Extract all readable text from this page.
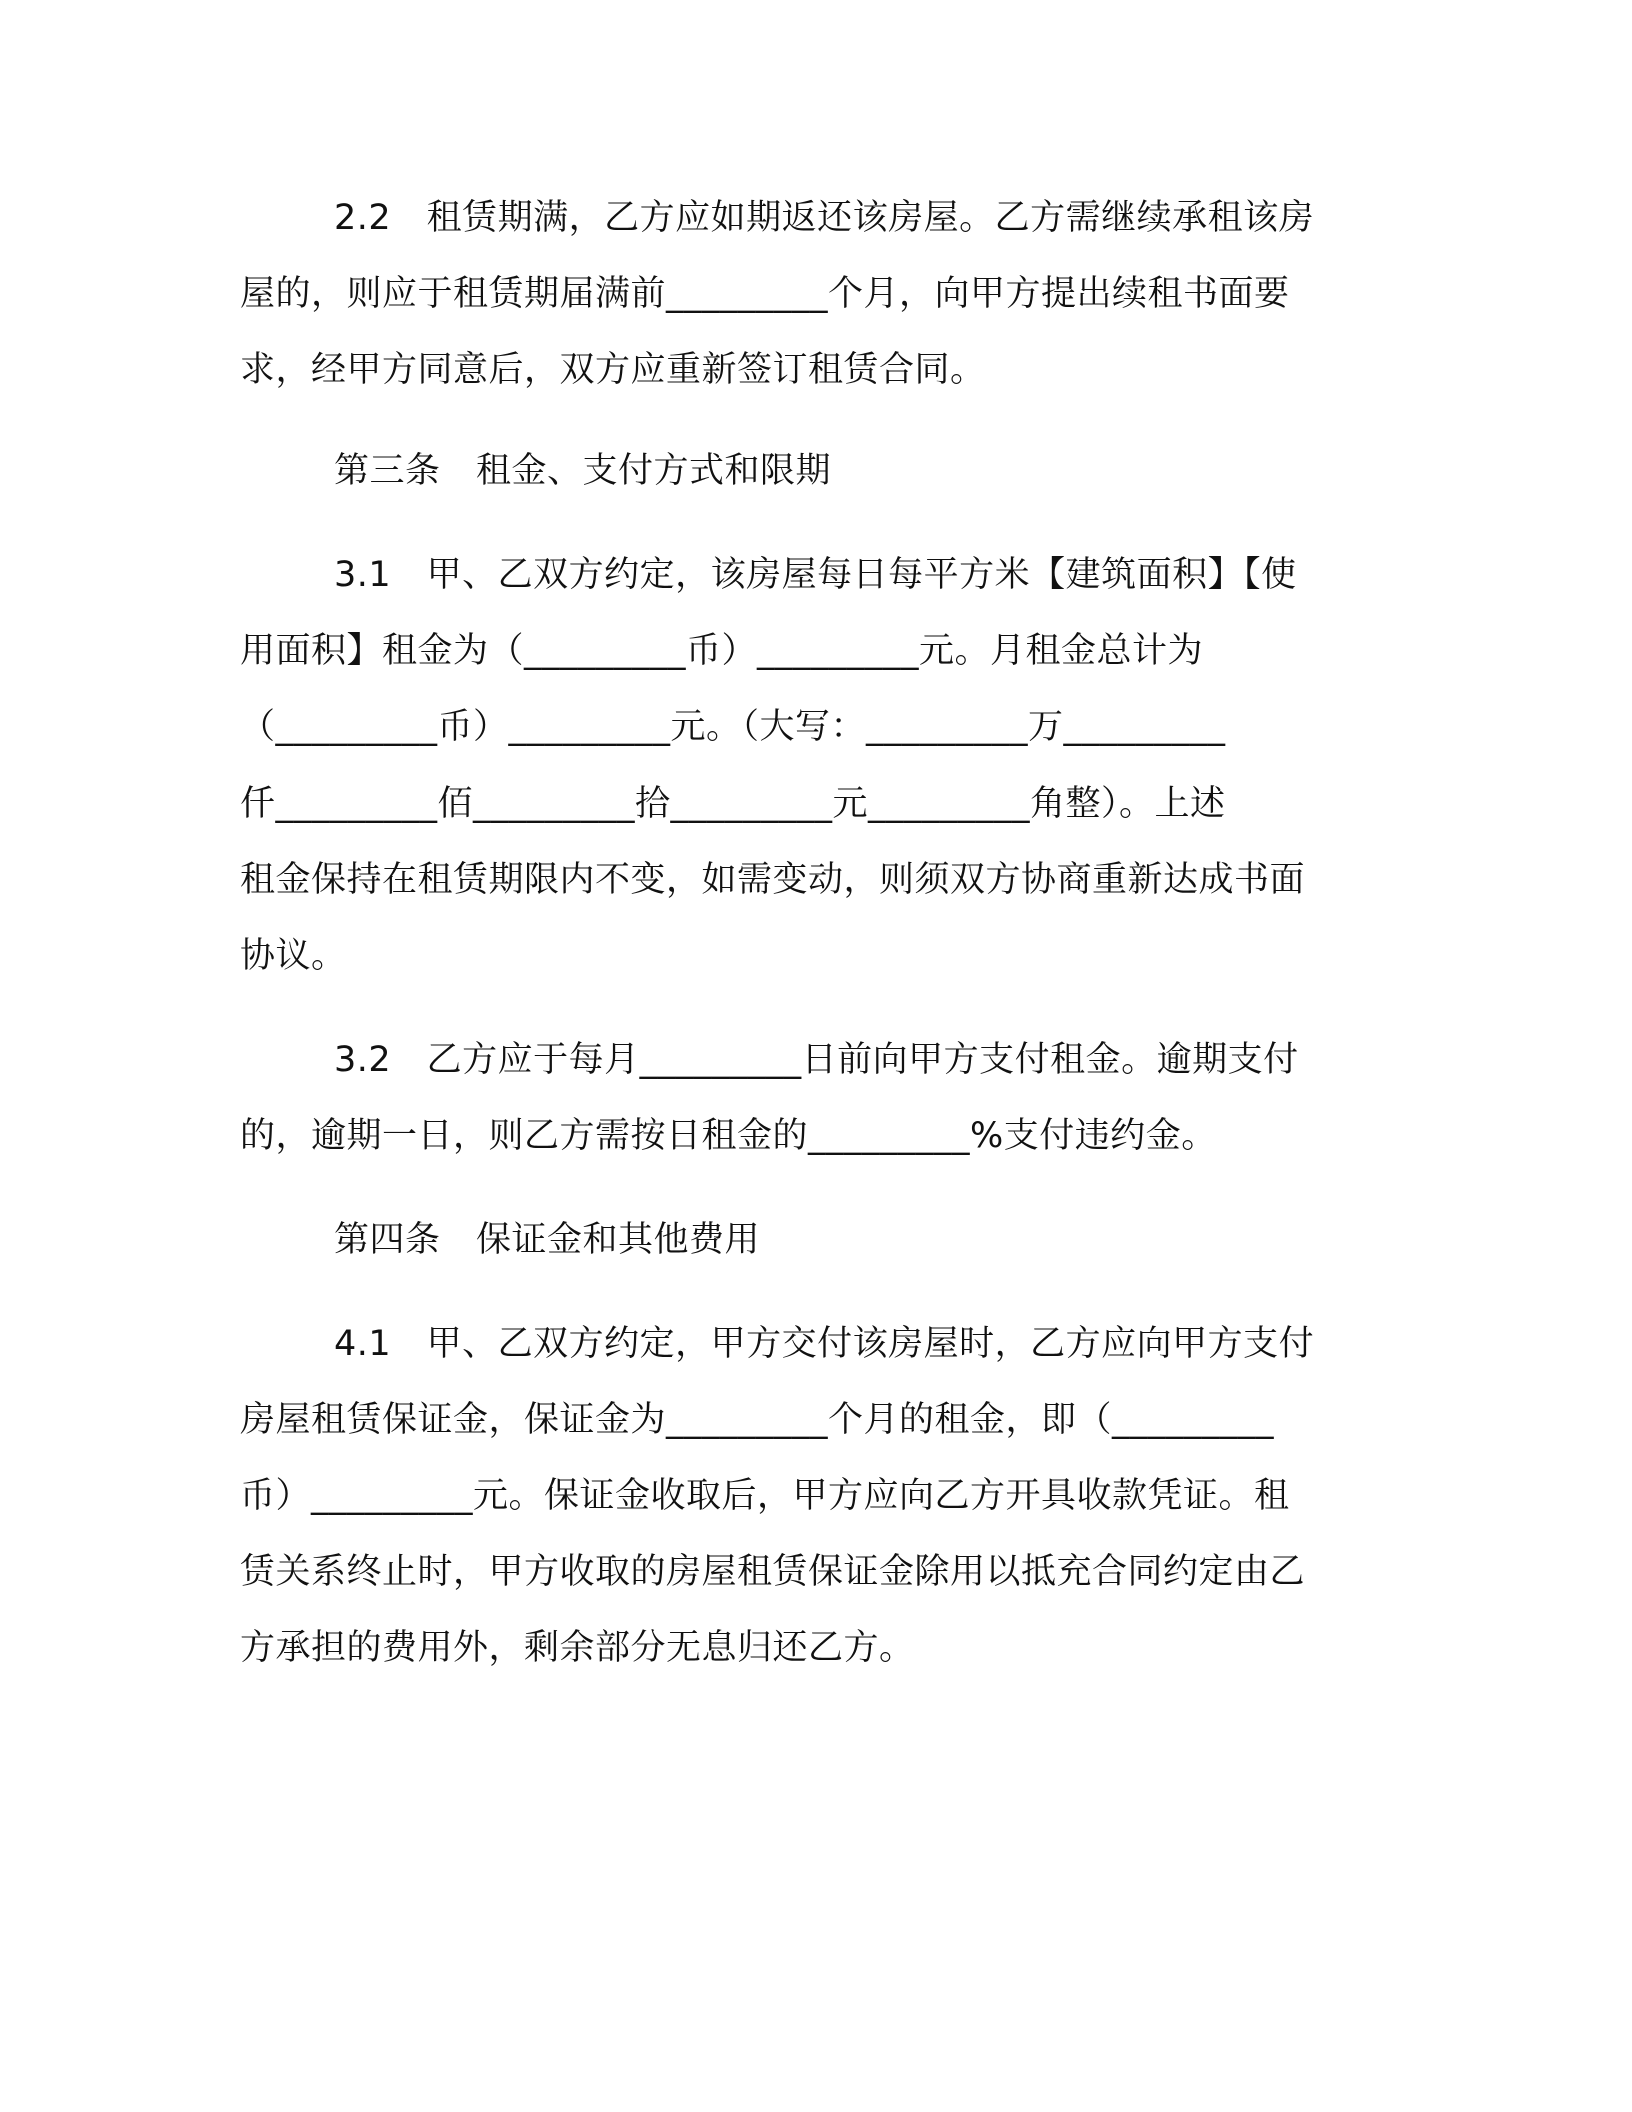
2.2　租赁期满，乙方应如期返还该房屋。乙方需继续承租该房
屋的，则应于租赁期届满前_________个月，向甲方提出续租书面要
求，经甲方同意后，双方应重新签订租赁合同。
第三条　租金、支付方式和限期
3.1　甲、乙双方约定，该房屋每日每平方米【建筑面积】【使
用面积】租金为（_________币）_________元。月租金总计为
（_________币）_________元。（大写：_________万_________
仟_________佰_________拾_________元_________角整）。上述
租金保持在租赁期限内不变，如需变动，则须双方协商重新达成书面
协议。
3.2　乙方应于每月_________日前向甲方支付租金。逾期支付
的，逾期一日，则乙方需按日租金的_________%支付违约金。
第四条　保证金和其他费用
4.1　甲、乙双方约定，甲方交付该房屋时，乙方应向甲方支付
房屋租赁保证金，保证金为_________个月的租金，即（_________
币）_________元。保证金收取后，甲方应向乙方开具收款凭证。租
赁关系终止时，甲方收取的房屋租赁保证金除用以抵充合同约定由乙
方承担的费用外，剩余部分无息归还乙方。
